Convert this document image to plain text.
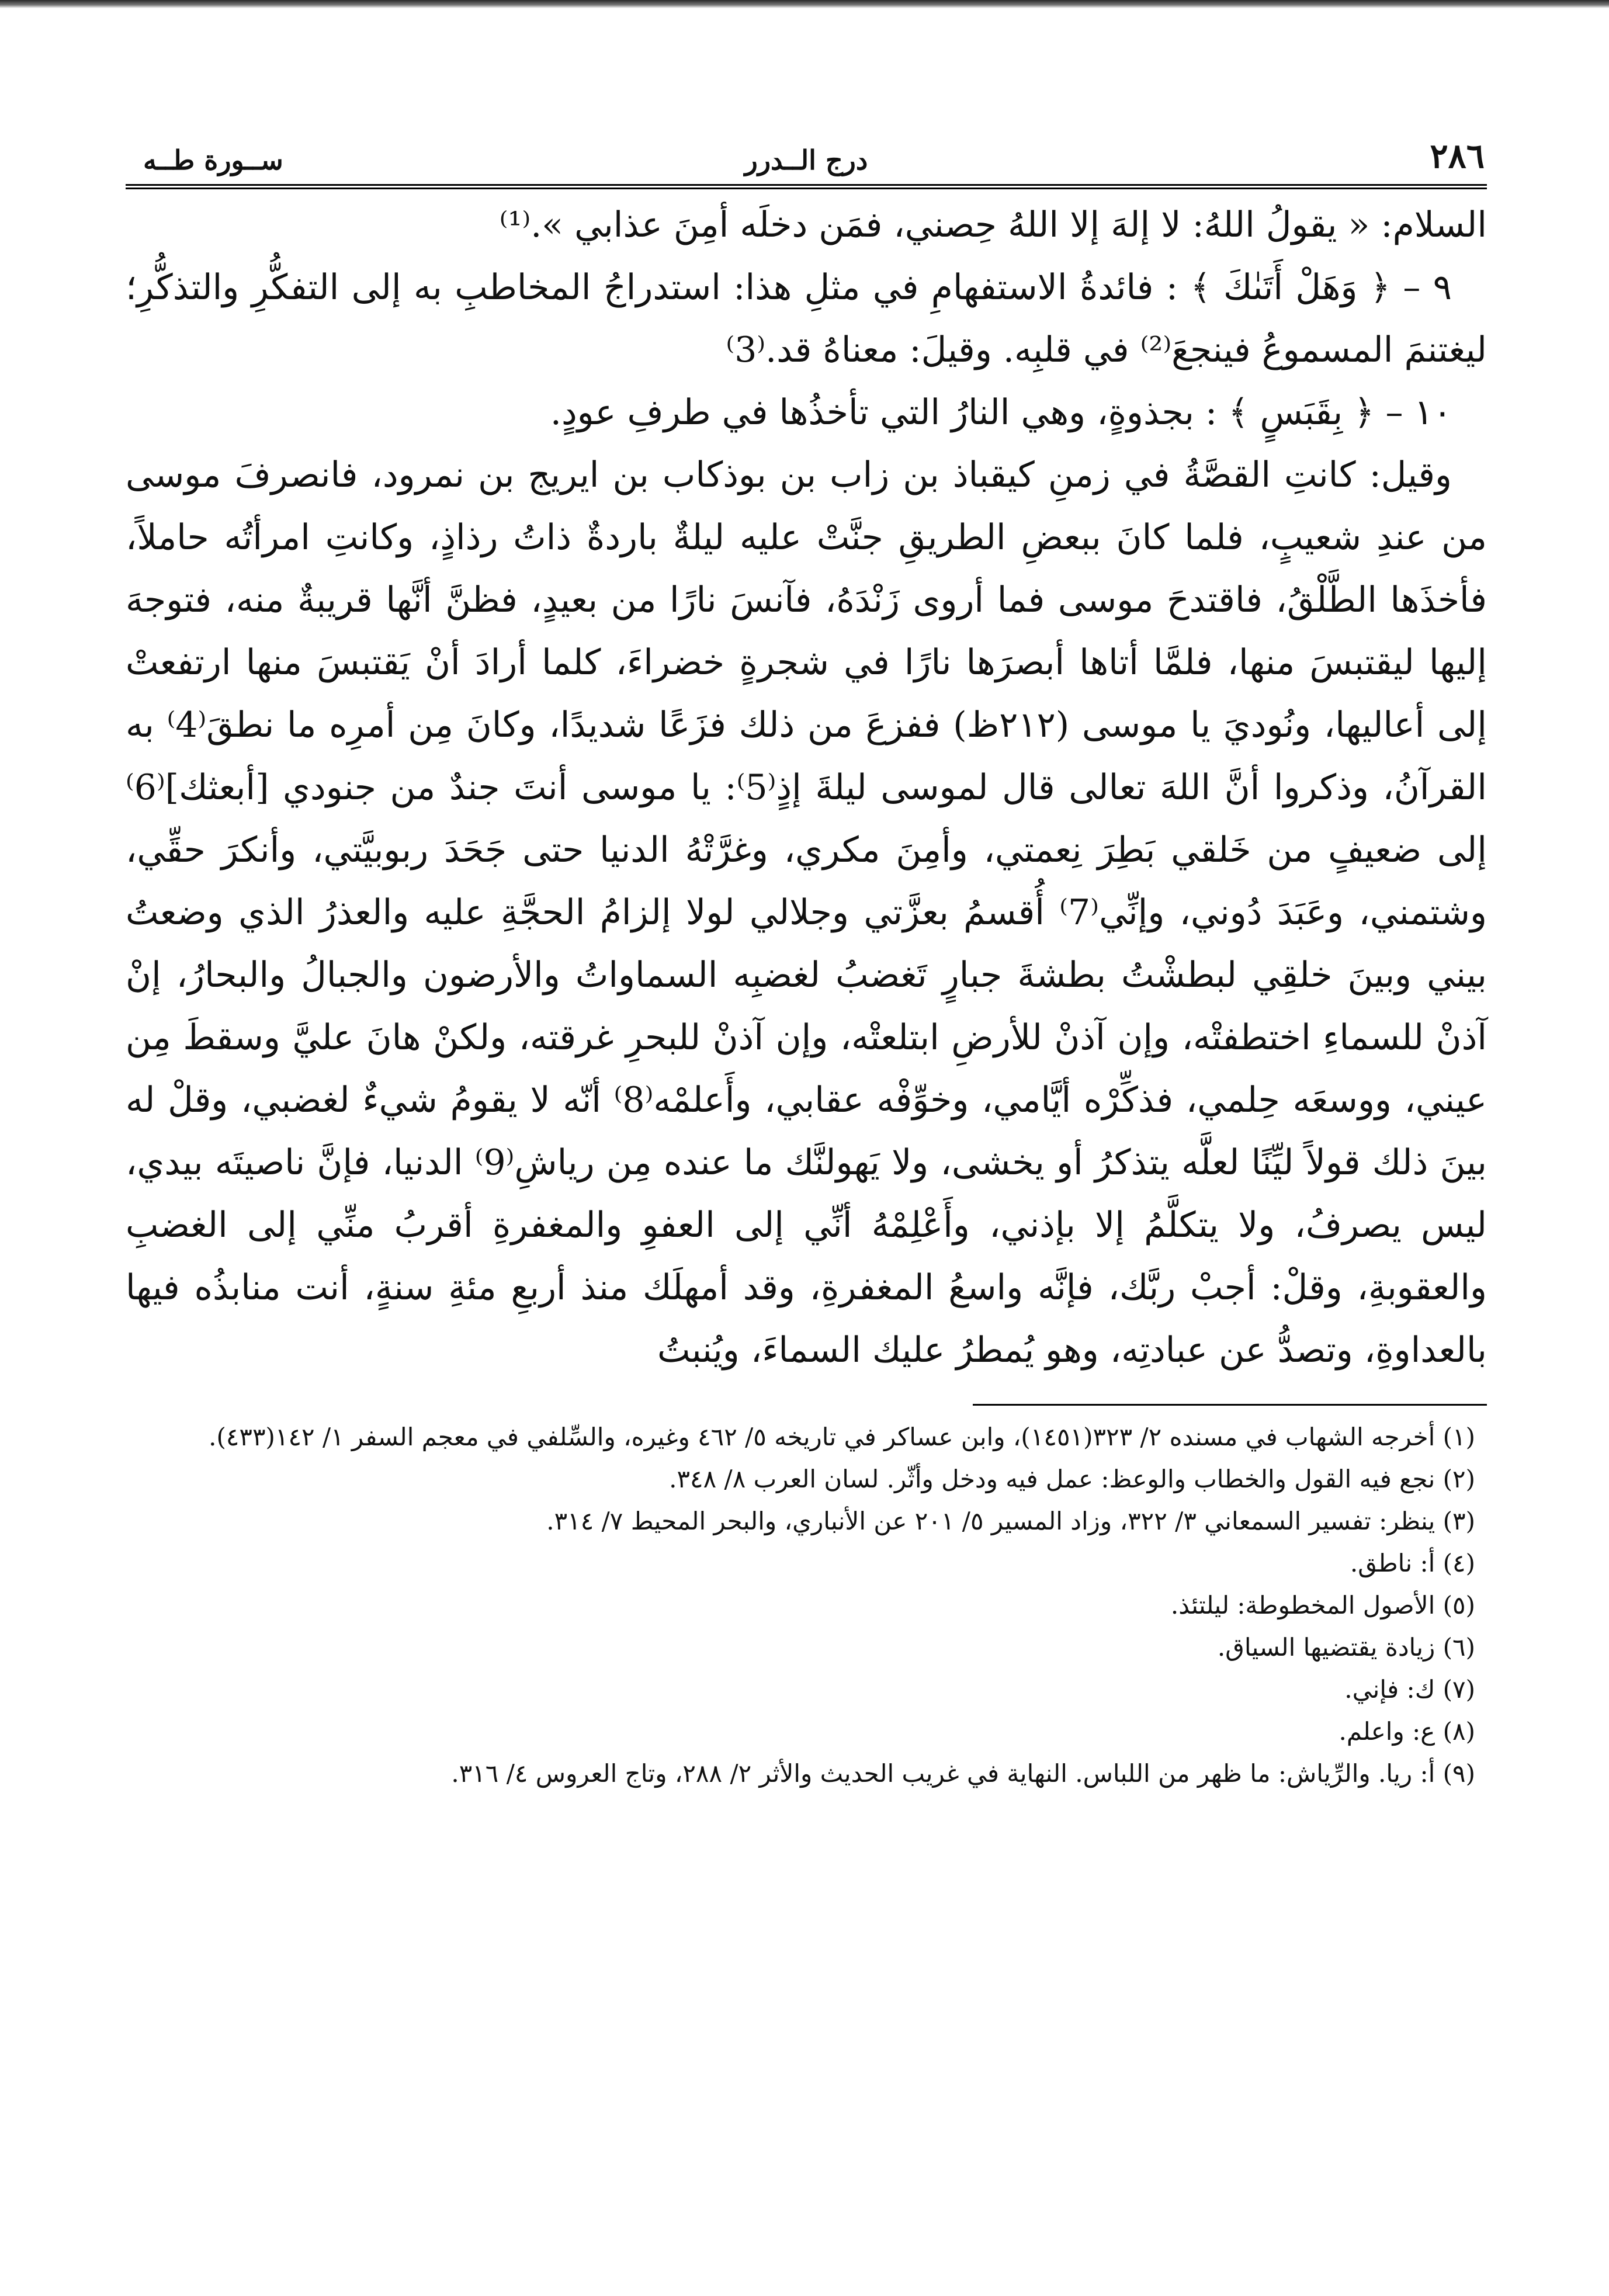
٢٨٦
درج الــدرر
ســورة طــه

السلام: « يقولُ اللهُ: لا إلهَ إلا اللهُ حِصني، فمَن دخلَه أمِنَ عذابي ».⁽¹⁾

٩ – ﴿ وَهَلْ أَتَىٰكَ ﴾ : فائدةُ الاستفهامِ في مثلِ هذا: استدراجُ المخاطبِ به إلى التفكُّرِ والتذكُّرِ؛ ليغتنمَ المسموعُ فينجعَ⁽²⁾ في قلبِه. وقيلَ: معناهُ قد.⁽3⁾

١٠ – ﴿ بِقَبَسٍ ﴾ : بجذوةٍ، وهي النارُ التي تأخذُها في طرفِ عودٍ.

وقيل: كانتِ القصَّةُ في زمنِ كيقباذ بن زاب بن بوذكاب بن ايريج بن نمرود، فانصرفَ موسى من عندِ شعيبٍ، فلما كانَ ببعضِ الطريقِ جنَّتْ عليه ليلةٌ باردةٌ ذاتُ رذاذٍ، وكانتِ امرأتُه حاملاً، فأخذَها الطَّلْقُ، فاقتدحَ موسى فما أروى زَنْدَهُ، فآنسَ نارًا من بعيدٍ، فظنَّ أنَّها قريبةٌ منه، فتوجهَ إليها ليقتبسَ منها، فلمَّا أتاها أبصرَها نارًا في شجرةٍ خضراءَ، كلما أرادَ أنْ يَقتبسَ منها ارتفعتْ إلى أعاليها، ونُوديَ يا موسى (٢١٢ظ) ففزعَ من ذلك فزَعًا شديدًا، وكانَ مِن أمرِه ما نطقَ⁽4⁾ به القرآنُ، وذكروا أنَّ اللهَ تعالى قال لموسى ليلةَ إذٍ⁽5⁾: يا موسى أنتَ جندٌ من جنودي [أبعثك]⁽6⁾ إلى ضعيفٍ من خَلقي بَطِرَ نِعمتي، وأمِنَ مكري، وغرَّتْهُ الدنيا حتى جَحَدَ ربوبيَّتي، وأنكرَ حقِّي، وشتمني، وعَبَدَ دُوني، وإنِّي⁽7⁾ أُقسمُ بعزَّتي وجلالي لولا إلزامُ الحجَّةِ عليه والعذرُ الذي وضعتُ بيني وبينَ خلقِي لبطشْتُ بطشةَ جبارٍ تَغضبُ لغضبِه السماواتُ والأرضون والجبالُ والبحارُ، إنْ آذنْ للسماءِ اختطفتْه، وإن آذنْ للأرضِ ابتلعتْه، وإن آذنْ للبحرِ غرقته، ولكنْ هانَ عليَّ وسقطَ مِن عيني، ووسعَه حِلمي، فذكِّرْه أيَّامي، وخوِّفْه عقابي، وأَعلمْه⁽8⁾ أنّه لا يقومُ شيءٌ لغضبي، وقلْ له بينَ ذلك قولاً ليِّنًا لعلَّه يتذكرُ أو يخشى، ولا يَهولنَّك ما عنده مِن رياشِ⁽9⁾ الدنيا، فإنَّ ناصيتَه بيدي، ليس يصرفُ، ولا يتكلَّمُ إلا بإذني، وأَعْلِمْهُ أنِّي إلى العفوِ والمغفرةِ أقربُ منِّي إلى الغضبِ والعقوبةِ، وقلْ: أجبْ ربَّك، فإنَّه واسعُ المغفرةِ، وقد أمهلَك منذ أربعِ مئةِ سنةٍ، أنت منابذُه فيها بالعداوةِ، وتصدُّ عن عبادتِه، وهو يُمطرُ عليك السماءَ، ويُنبتُ

(١) أخرجه الشهاب في مسنده ٢/ ٣٢٣(١٤٥١)، وابن عساكر في تاريخه ٥/ ٤٦٢ وغيره، والسِّلفي في معجم السفر ١/ ١٤٢(٤٣٣).

(٢) نجع فيه القول والخطاب والوعظ: عمل فيه ودخل وأثّر. لسان العرب ٨/ ٣٤٨.

(٣) ينظر: تفسير السمعاني ٣/ ٣٢٢، وزاد المسير ٥/ ٢٠١ عن الأنباري، والبحر المحيط ٧/ ٣١٤.

(٤) أ: ناطق.

(٥) الأصول المخطوطة: ليلتئذ.

(٦) زيادة يقتضيها السياق.

(٧) ك: فإني.

(٨) ع: واعلم.

(٩) أ: ريا. والرِّياش: ما ظهر من اللباس. النهاية في غريب الحديث والأثر ٢/ ٢٨٨، وتاج العروس ٤/ ٣١٦.
